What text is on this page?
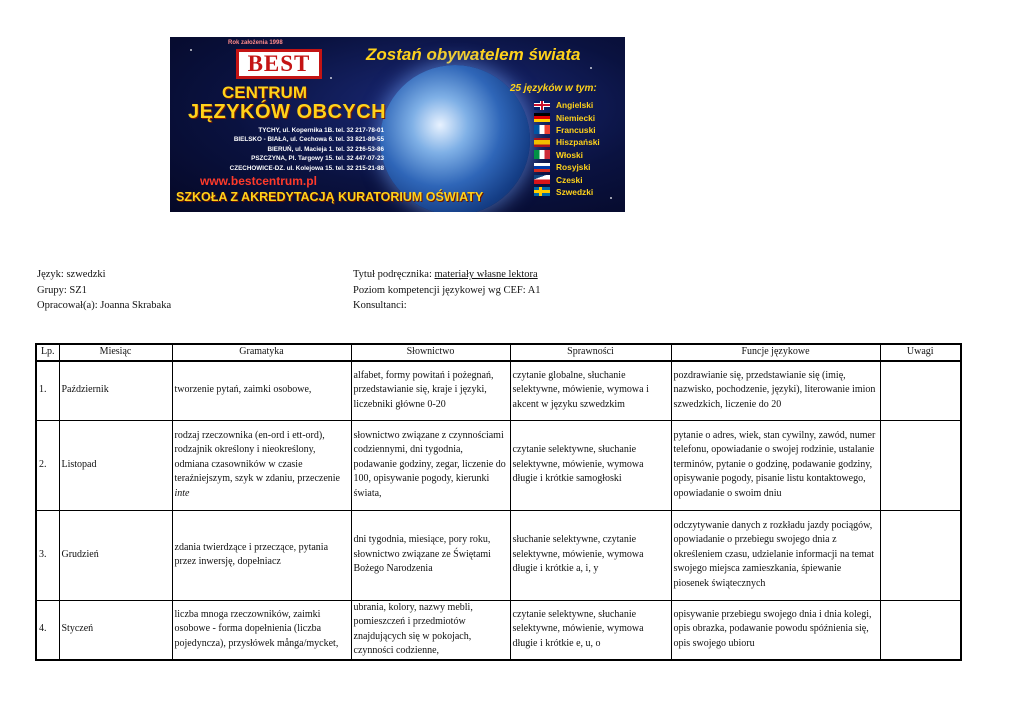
Rok założenia 1998
BEST	Zostań obywatelem świata
CENTRUM
JĘZYKÓW OBCYCH
TYCHY, ul. Kopernika 1B. tel. 32 217-78-01
BIELSKO - BIAŁA, ul. Cechowa 6. tel. 33 821-89-55
BIERUŃ, ul. Macieja 1. tel. 32 216-53-86
PSZCZYNA, Pl. Targowy 15. tel. 32 447-07-23
CZECHOWICE-DZ. ul. Kolejowa 15. tel. 32 215-21-88
www.bestcentrum.pl
SZKOŁA Z AKREDYTACJĄ KURATORIUM OŚWIATY
25 języków w tym:
Angielski
Niemiecki
Francuski
Hiszpański
Włoski
Rosyjski
Czeski
Szwedzki
Język: szwedzki
Grupy: SZ1
Opracował(a): Joanna Skrabaka
Tytuł podręcznika: materiały własne lektora
Poziom kompetencji językowej wg CEF: A1
Konsultanci:
Lp.	Miesiąc	Gramatyka	Słownictwo	Sprawności	Funcje językowe	Uwagi
1.	Październik	tworzenie pytań, zaimki osobowe,	alfabet, formy powitań i pożegnań, przedstawianie się, kraje i języki, liczebniki główne 0-20	czytanie globalne, słuchanie selektywne, mówienie, wymowa i akcent w języku szwedzkim	pozdrawianie się, przedstawianie się (imię, nazwisko, pochodzenie, języki), literowanie imion szwedzkich, liczenie do 20	
2.	Listopad	rodzaj rzeczownika (en-ord i ett-ord), rodzajnik określony i nieokreślony, odmiana czasowników w czasie teraźniejszym, szyk w zdaniu, przeczenie inte	słownictwo związane z czynnościami codziennymi, dni tygodnia, podawanie godziny, zegar, liczenie do 100, opisywanie pogody, kierunki świata,	czytanie selektywne, słuchanie selektywne, mówienie, wymowa długie i krótkie samogłoski	pytanie o adres, wiek, stan cywilny, zawód, numer telefonu, opowiadanie o swojej rodzinie, ustalanie terminów, pytanie o godzinę, podawanie godziny, opisywanie pogody, pisanie listu kontaktowego, opowiadanie o swoim dniu	
3.	Grudzień	zdania twierdzące i przeczące, pytania przez inwersję, dopełniacz	dni tygodnia, miesiące, pory roku, słownictwo związane ze Świętami Bożego Narodzenia	słuchanie selektywne, czytanie selektywne, mówienie, wymowa długie i krótkie a, i, y	odczytywanie danych z rozkładu jazdy pociągów, opowiadanie o przebiegu swojego dnia z określeniem czasu, udzielanie informacji na temat swojego miejsca zamieszkania, śpiewanie piosenek świątecznych	
4.	Styczeń	liczba mnoga rzeczowników, zaimki osobowe - forma dopełnienia (liczba pojedyncza), przysłówek många/mycket,	ubrania, kolory, nazwy mebli, pomieszczeń i przedmiotów znajdujących się w pokojach, czynności codzienne,	czytanie selektywne, słuchanie selektywne, mówienie, wymowa długie i krótkie e, u, o	opisywanie przebiegu swojego dnia i dnia kolegi, opis obrazka, podawanie powodu spóźnienia się, opis swojego ubioru	
